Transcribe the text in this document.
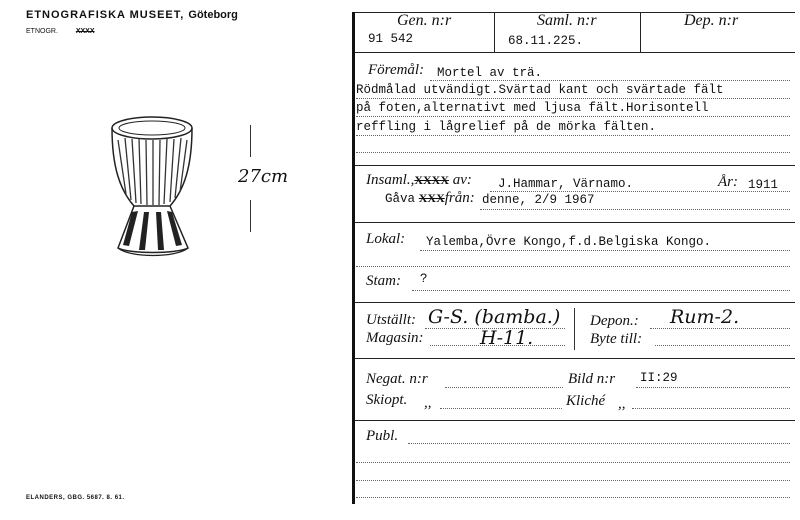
ETNOGRAFISKA MUSEET, Göteborg
ETNOGR.	XXXX
27cm
ELANDERS, GBG. 5687. 8. 61.
Gen. n:r
91 542
Saml. n:r
68.11.225.
Dep. n:r
Föremål: Mortel av trä.
Rödmålad utvändigt.Svärtad kant och svärtade fält
på foten,alternativt med ljusa fält.Horisontell
reffling i lågrelief på de mörka fälten.
Insaml.,XXXX av: J.Hammar, Värnamo.	År: 1911
Gåva XXXfrån: denne, 2/9 1967
Lokal: Yalemba,Övre Kongo,f.d.Belgiska Kongo.
Stam: ?
Utställt: G-S. (bamba.)
Magasin:	H-11.
Depon.: Rum-2.
Byte till:
Negat. n:r	Bild n:r II:29
Skiopt. ,,	Kliché ,,
Publ.
